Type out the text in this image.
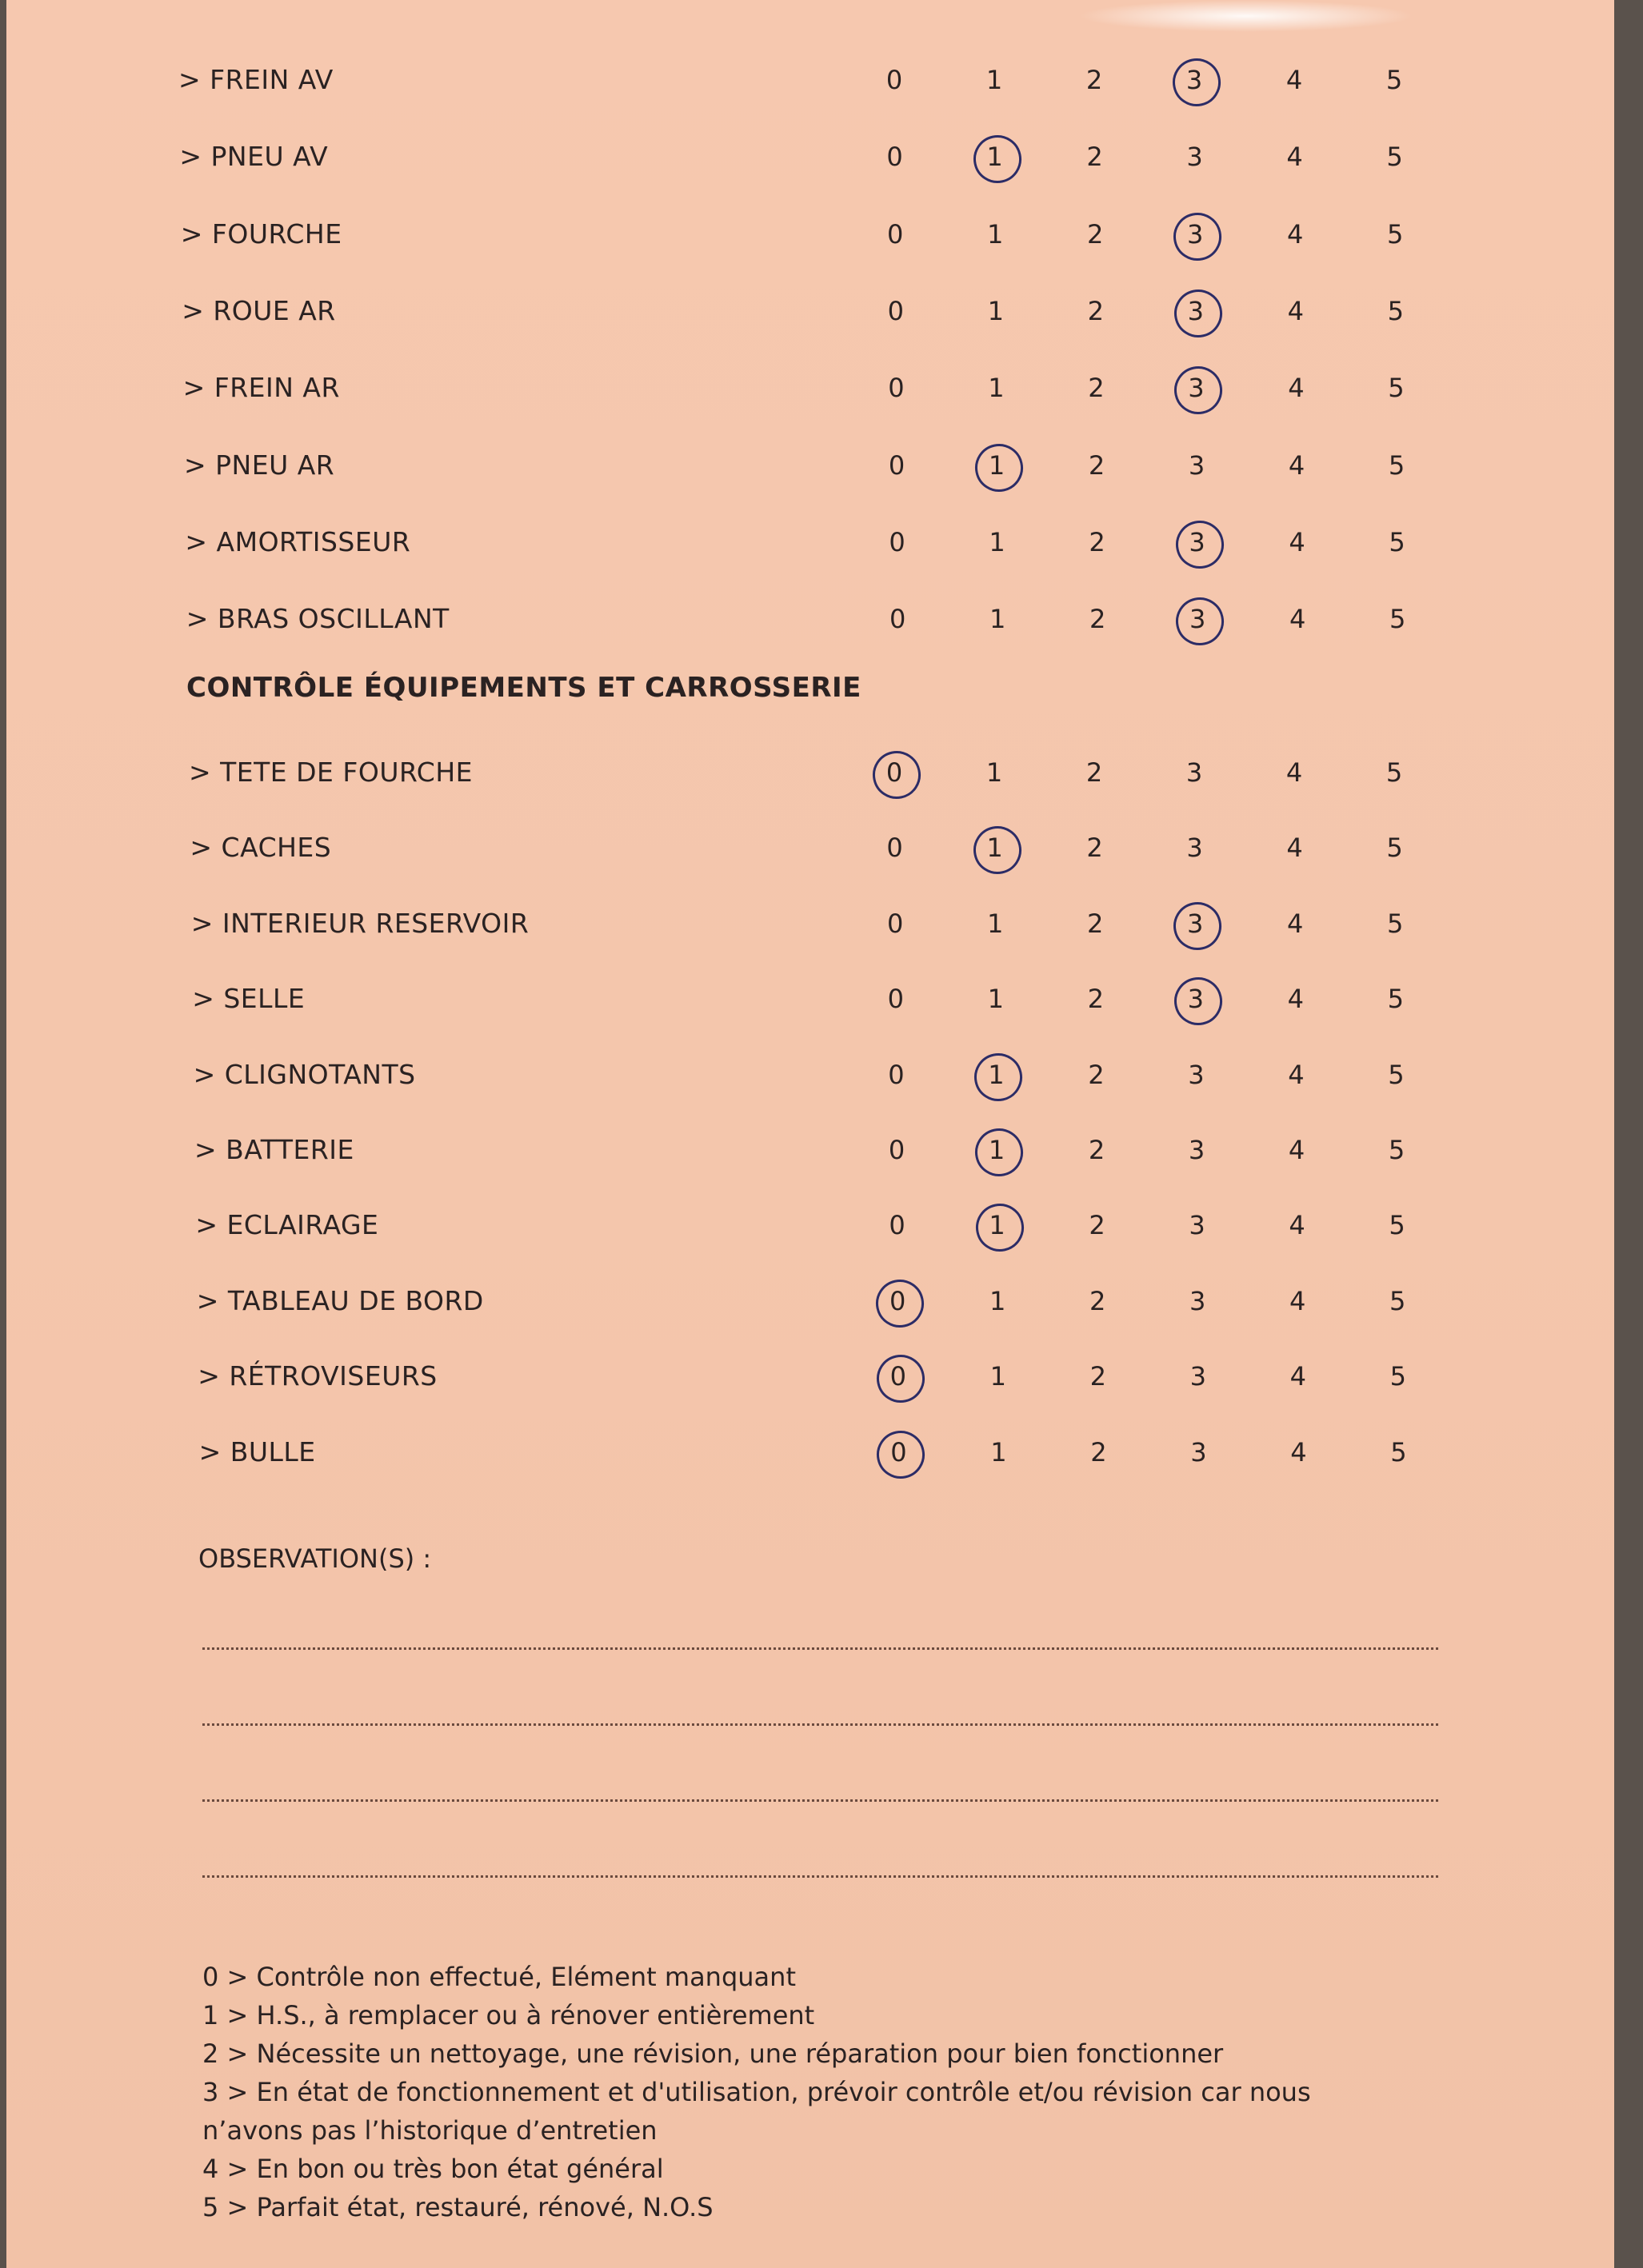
> FREIN AV	0	1	2	3	4	5
> PNEU AV	0	1	2	3	4	5
> FOURCHE	0	1	2	3	4	5
> ROUE AR	0	1	2	3	4	5
> FREIN AR	0	1	2	3	4	5
> PNEU AR	0	1	2	3	4	5
> AMORTISSEUR	0	1	2	3	4	5
> BRAS OSCILLANT	0	1	2	3	4	5
> TETE DE FOURCHE	0	1	2	3	4	5
> CACHES	0	1	2	3	4	5
> INTERIEUR RESERVOIR	0	1	2	3	4	5
> SELLE	0	1	2	3	4	5
> CLIGNOTANTS	0	1	2	3	4	5
> BATTERIE	0	1	2	3	4	5
> ECLAIRAGE	0	1	2	3	4	5
> TABLEAU DE BORD	0	1	2	3	4	5
> RÉTROVISEURS	0	1	2	3	4	5
> BULLE	0	1	2	3	4	5
CONTRÔLE ÉQUIPEMENTS ET CARROSSERIE
OBSERVATION(S) :
0 > Contrôle non effectué, Elément manquant
1 > H.S., à remplacer ou à rénover entièrement
2 > Nécessite un nettoyage, une révision, une réparation pour bien fonctionner
3 > En état de fonctionnement et d'utilisation, prévoir contrôle et/ou révision car nous
n’avons pas l’historique d’entretien
4 > En bon ou très bon état général
5 > Parfait état, restauré, rénové, N.O.S
